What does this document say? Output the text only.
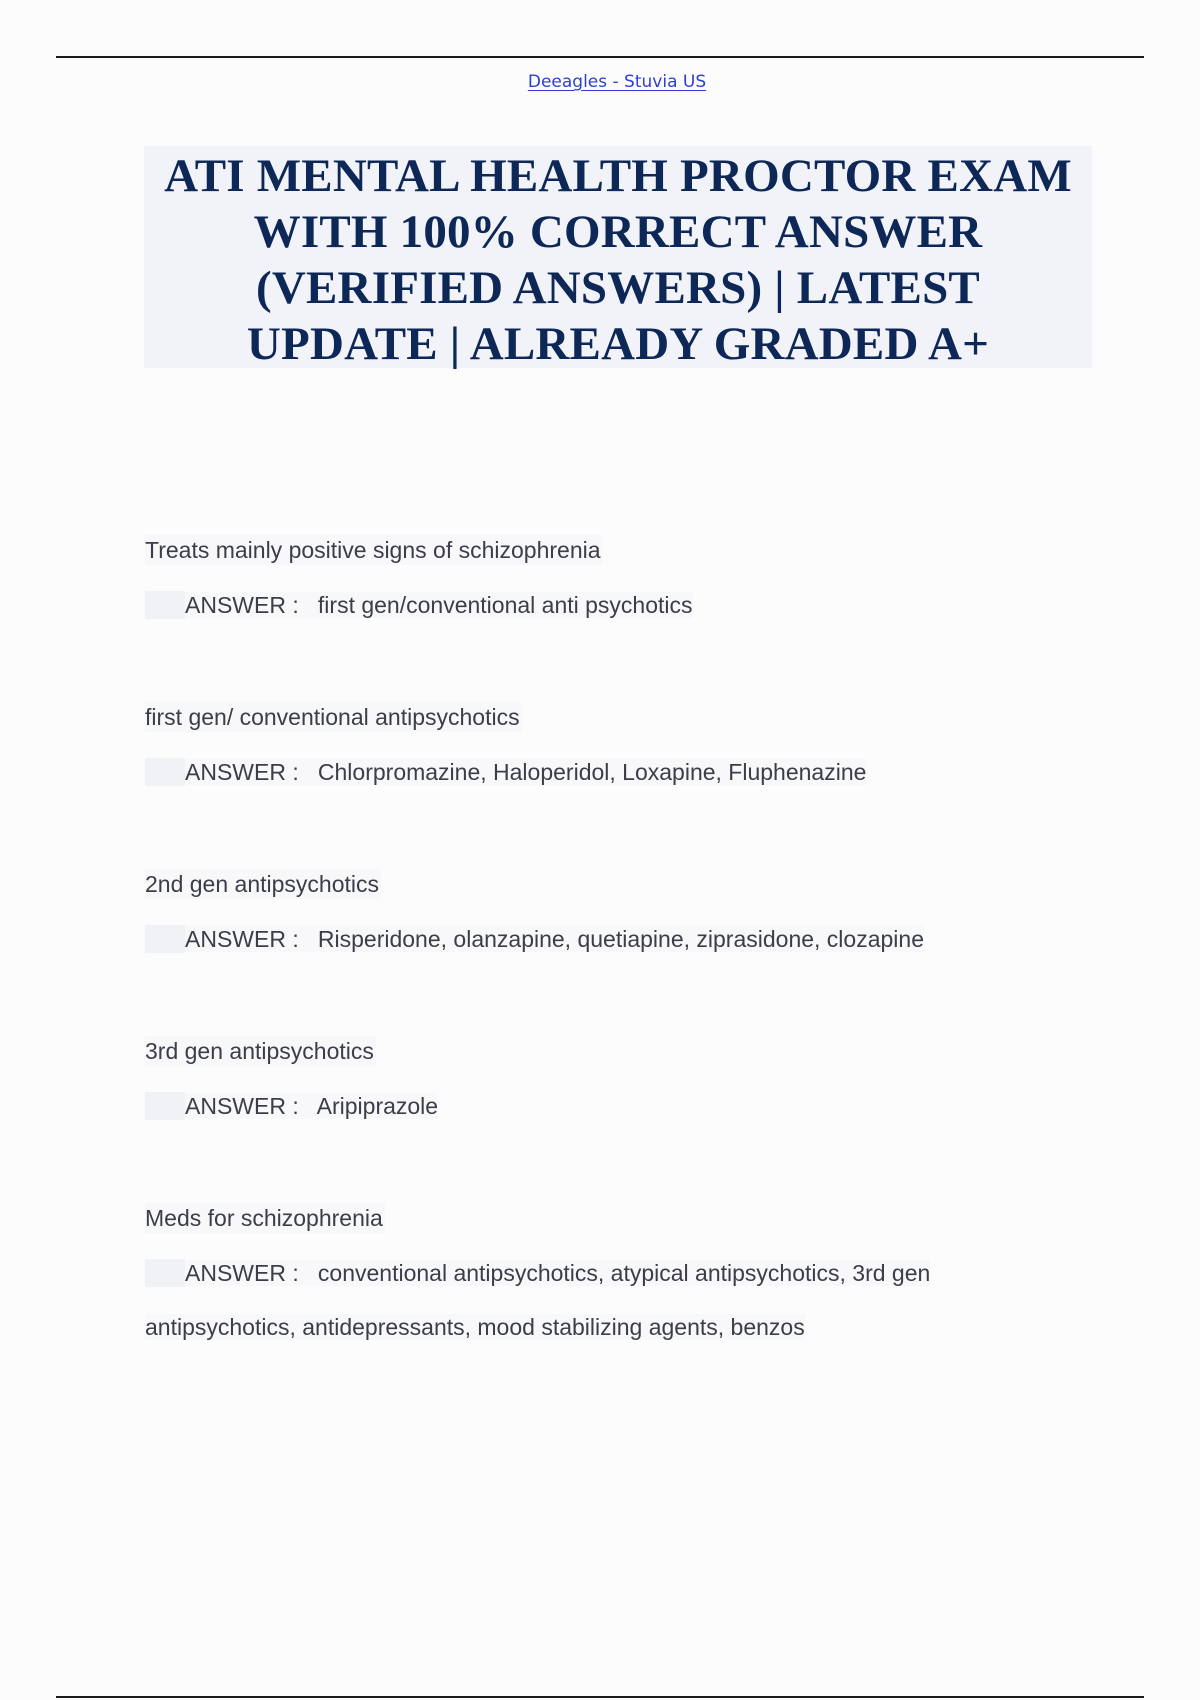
Deeagles - Stuvia US
ATI MENTAL HEALTH PROCTOR EXAM
WITH 100% CORRECT ANSWER
(VERIFIED ANSWERS) | LATEST
UPDATE | ALREADY GRADED A+
Treats mainly positive signs of schizophrenia
ANSWER :   first gen/conventional anti psychotics
first gen/ conventional antipsychotics
ANSWER :   Chlorpromazine, Haloperidol, Loxapine, Fluphenazine
2nd gen antipsychotics
ANSWER :   Risperidone, olanzapine, quetiapine, ziprasidone, clozapine
3rd gen antipsychotics
ANSWER :   Aripiprazole
Meds for schizophrenia
ANSWER :   conventional antipsychotics, atypical antipsychotics, 3rd gen
antipsychotics, antidepressants, mood stabilizing agents, benzos
